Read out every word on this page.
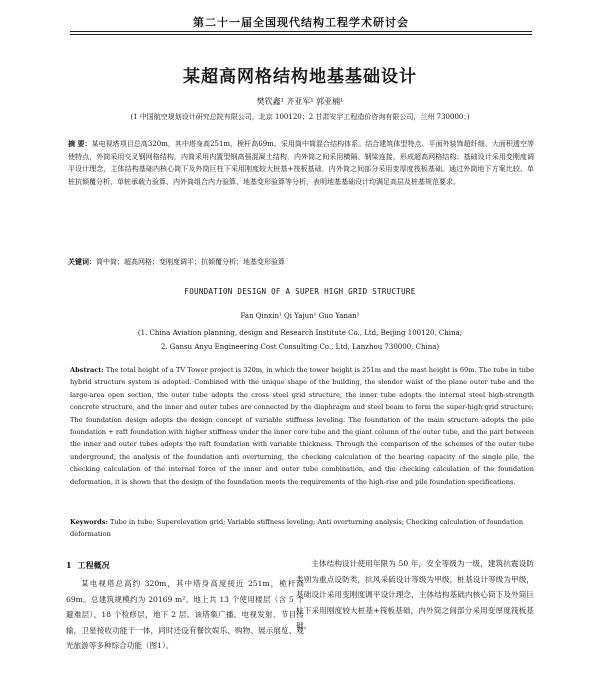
第二十一届全国现代结构工程学术研讨会
某超高网格结构地基基础设计
樊钦鑫¹ 齐亚军¹ 郭亚楠¹
(1 中国航空规划设计研究总院有限公司，北京 100120；2 甘肃安宇工程造价咨询有限公司，兰州 730000；)
摘 要：某电视塔项目总高320m，其中塔身高251m，桅杆高69m。采用筒中筒混合结构体系。结合建筑体型特点、平面外装饰超纤细、大面积透空等使特点，外筒采用交叉钢网格结构，内筒采用内置型钢高强混凝土结构，内外筒之间采用横隔、钢梁连接，形成超高网格结构；基础设计采用变刚度调平设计理念，主体结构基础内核心筒下及外筒巨柱下采用刚度较大桩基+筏板基础，内外筒之间部分采用变厚度筏板基础。通过外筒地下方案比较、单桩抗倾覆分析、单桩承载力验算、内外筒组合内力验算、地基变形验算等分析，表明地基基础设计均满足高层及桩基规范要求。
关键词：筒中筒；超高网格；变刚度调平；抗倾覆分析；地基变形验算
FOUNDATION DESIGN OF A SUPER HIGH GRID STRUCTURE
Fan Qinxin¹ Qi Yajun¹ Guo Yanan¹
(1. China Aviation planning, design and Research Institute Co., Ltd, Beijing 100120, China;
2. Gansu Anyu Engineering Cost Consulting Co., Ltd, Lanzhou 730000, China)
Abstract: The total height of a TV Tower project is 320m, in which the tower height is 251m and the mast height is 69m. The tube in tube hybrid structure system is adopted. Combined with the unique shape of the building, the slender waist of the plane outer tube and the large-area open section, the outer tube adopts the cross steel grid structure, the inner tube adopts the internal steel high-strength concrete structure, and the inner and outer tubes are connected by the diaphragm and steel beam to form the super-high grid structure; The foundation design adopts the design concept of variable stiffness leveling. The foundation of the main structure adopts the pile foundation + raft foundation with higher stiffness under the inner core tube and the giant column of the outer tube, and the part between the inner and outer tubes adopts the raft foundation with variable thickness. Through the comparison of the schemes of the outer tube underground, the analysis of the foundation anti overturning, the checking calculation of the bearing capacity of the single pile, the checking calculation of the internal force of the inner and outer tube combination, and the checking calculation of the foundation deformation, it is shown that the design of the foundation meets the requirements of the high-rise and pile foundation specifications.
Keywords: Tube in tube; Superelevation grid; Variable stiffness leveling; Anti overturning analysis; Checking calculation of foundation deformation
1 工程概况
某电视塔总高约 320m，其中塔身高度接近 251m，桅杆高 69m。总建筑规模约为 20169 m²。地上共 13 个使用楼层（含 5 个避难层），18 个检修层，地下 2 层。该塔集广播、电视发射，节目传输，卫星接收功能于一体，同时还设有餐饮娱乐、购物、展示展览、观光旅游等多种综合功能（图1）。
主体结构设计使用年限为 50 年，安全等级为一级，建筑抗震设防类别为重点设防类，抗风采硫设计等级为甲级，桩基设计等级为甲级，基础设计采用变刚度调平设计理念，主体结构基础内核心筒下及外筒巨柱下采用刚度较大桩基+筏板基础，内外筒之间部分采用变厚度筏板基础。
